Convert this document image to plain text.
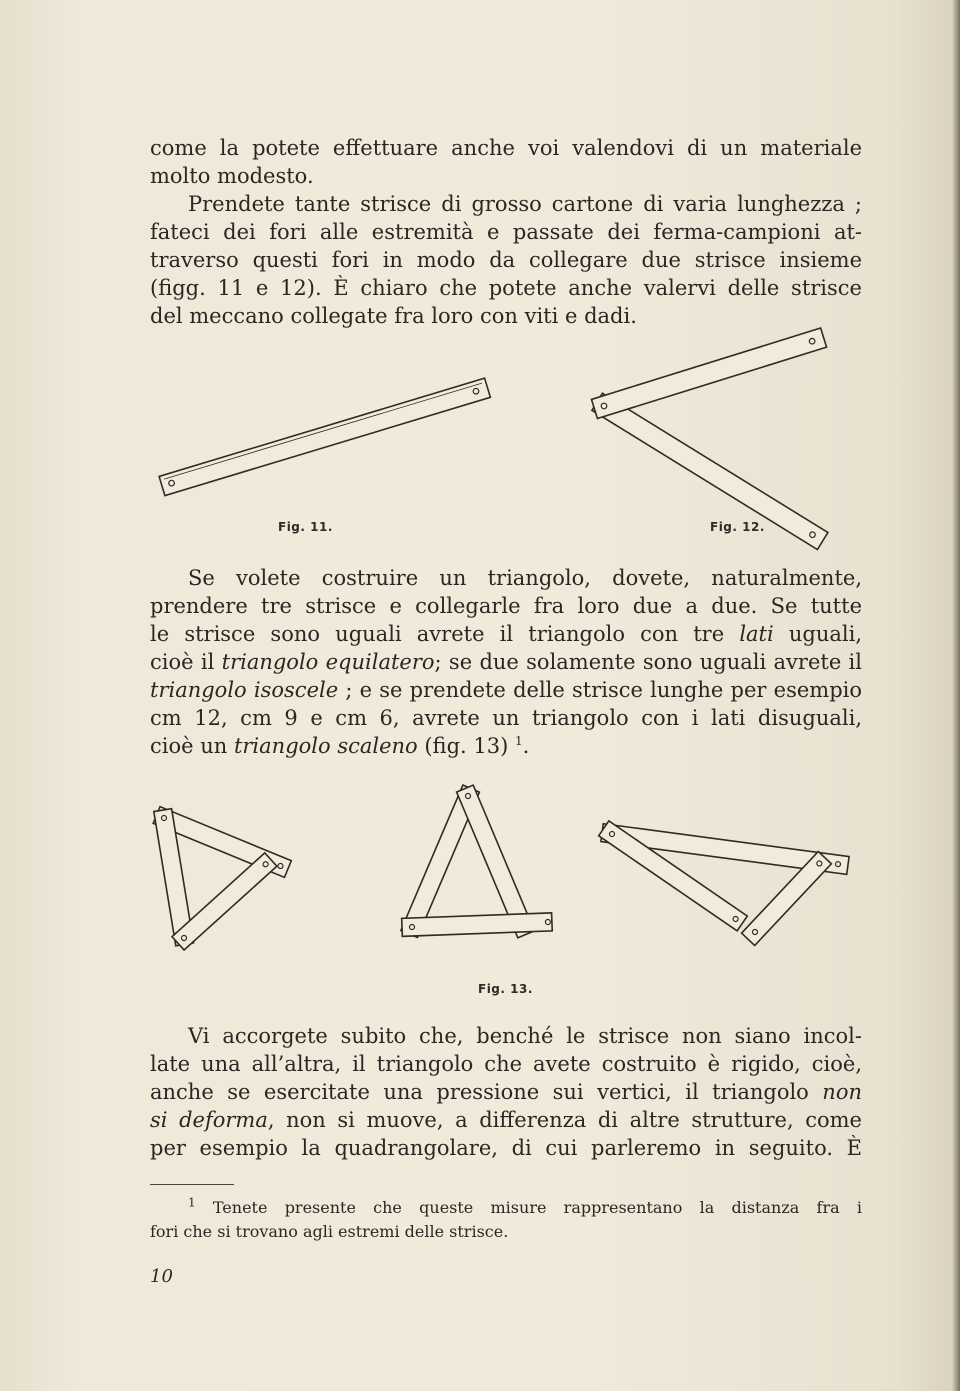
come la potete effettuare anche voi valendovi di un materiale
molto modesto.

Prendete tante strisce di grosso cartone di varia lunghezza ;
fateci dei fori alle estremità e passate dei ferma-campioni at-
traverso questi fori in modo da collegare due strisce insieme
(figg. 11 e 12). È chiaro che potete anche valervi delle strisce
del meccano collegate fra loro con viti e dadi.

Fig. 11.	Fig. 12.

Se volete costruire un triangolo, dovete, naturalmente,
prendere tre strisce e collegarle fra loro due a due. Se tutte
le strisce sono uguali avrete il triangolo con tre lati uguali,
cioè il triangolo equilatero; se due solamente sono uguali avrete il
triangolo isoscele ; e se prendete delle strisce lunghe per esempio
cm 12, cm 9 e cm 6, avrete un triangolo con i lati disuguali,
cioè un triangolo scaleno (fig. 13) $^1$.

Fig. 13.

Vi accorgete subito che, benché le strisce non siano incol-
late una all’altra, il triangolo che avete costruito è rigido, cioè,
anche se esercitate una pressione sui vertici, il triangolo non
si deforma, non si muove, a differenza di altre strutture, come
per esempio la quadrangolare, di cui parleremo in seguito. È

$^1$ Tenete presente che queste misure rappresentano la distanza fra i
fori che si trovano agli estremi delle strisce.
10
